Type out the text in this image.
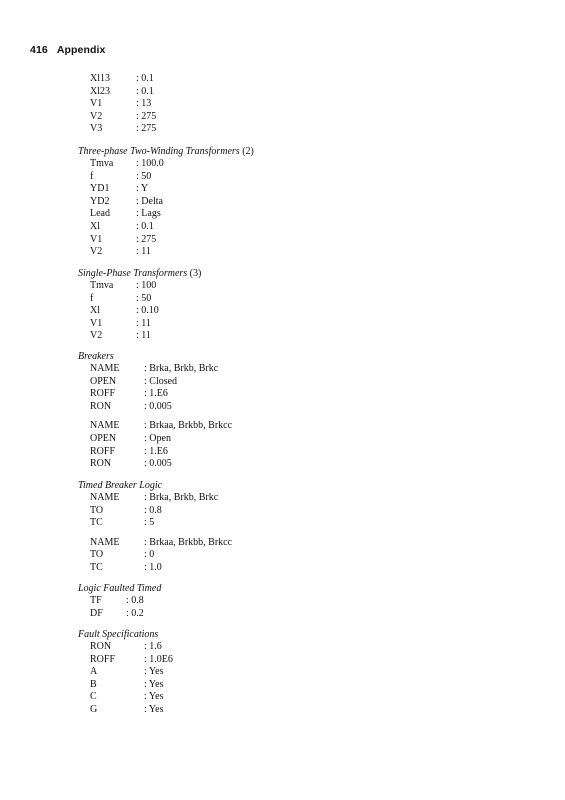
416 Appendix
Xl13	: 0.1
Xl23	: 0.1
V1	: 13
V2	: 275
V3	: 275
Three-phase Two-Winding Transformers (2)
Tmva : 100.0
f	: 50
YD1	: Y
YD2	: Delta
Lead	: Lags
Xl	: 0.1
V1	: 275
V2	: 11
Single-Phase Transformers (3)
Tmva : 100
f	: 50
Xl	: 0.10
V1	: 11
V2	: 11
Breakers
NAME : Brka, Brkb, Brkc
OPEN	: Closed
ROFF	: 1.E6
RON	: 0.005
NAME : Brkaa, Brkbb, Brkcc
OPEN	: Open
ROFF	: 1.E6
RON	: 0.005
Timed Breaker Logic
NAME : Brka, Brkb, Brkc
TO	: 0.8
TC	: 5
NAME : Brkaa, Brkbb, Brkcc
TO	: 0
TC	: 1.0
Logic Faulted Timed
TF : 0.8
DF : 0.2
Fault Specifications
RON	: 1.6
ROFF	: 1.0E6
A	: Yes
B	: Yes
C	: Yes
G	: Yes
